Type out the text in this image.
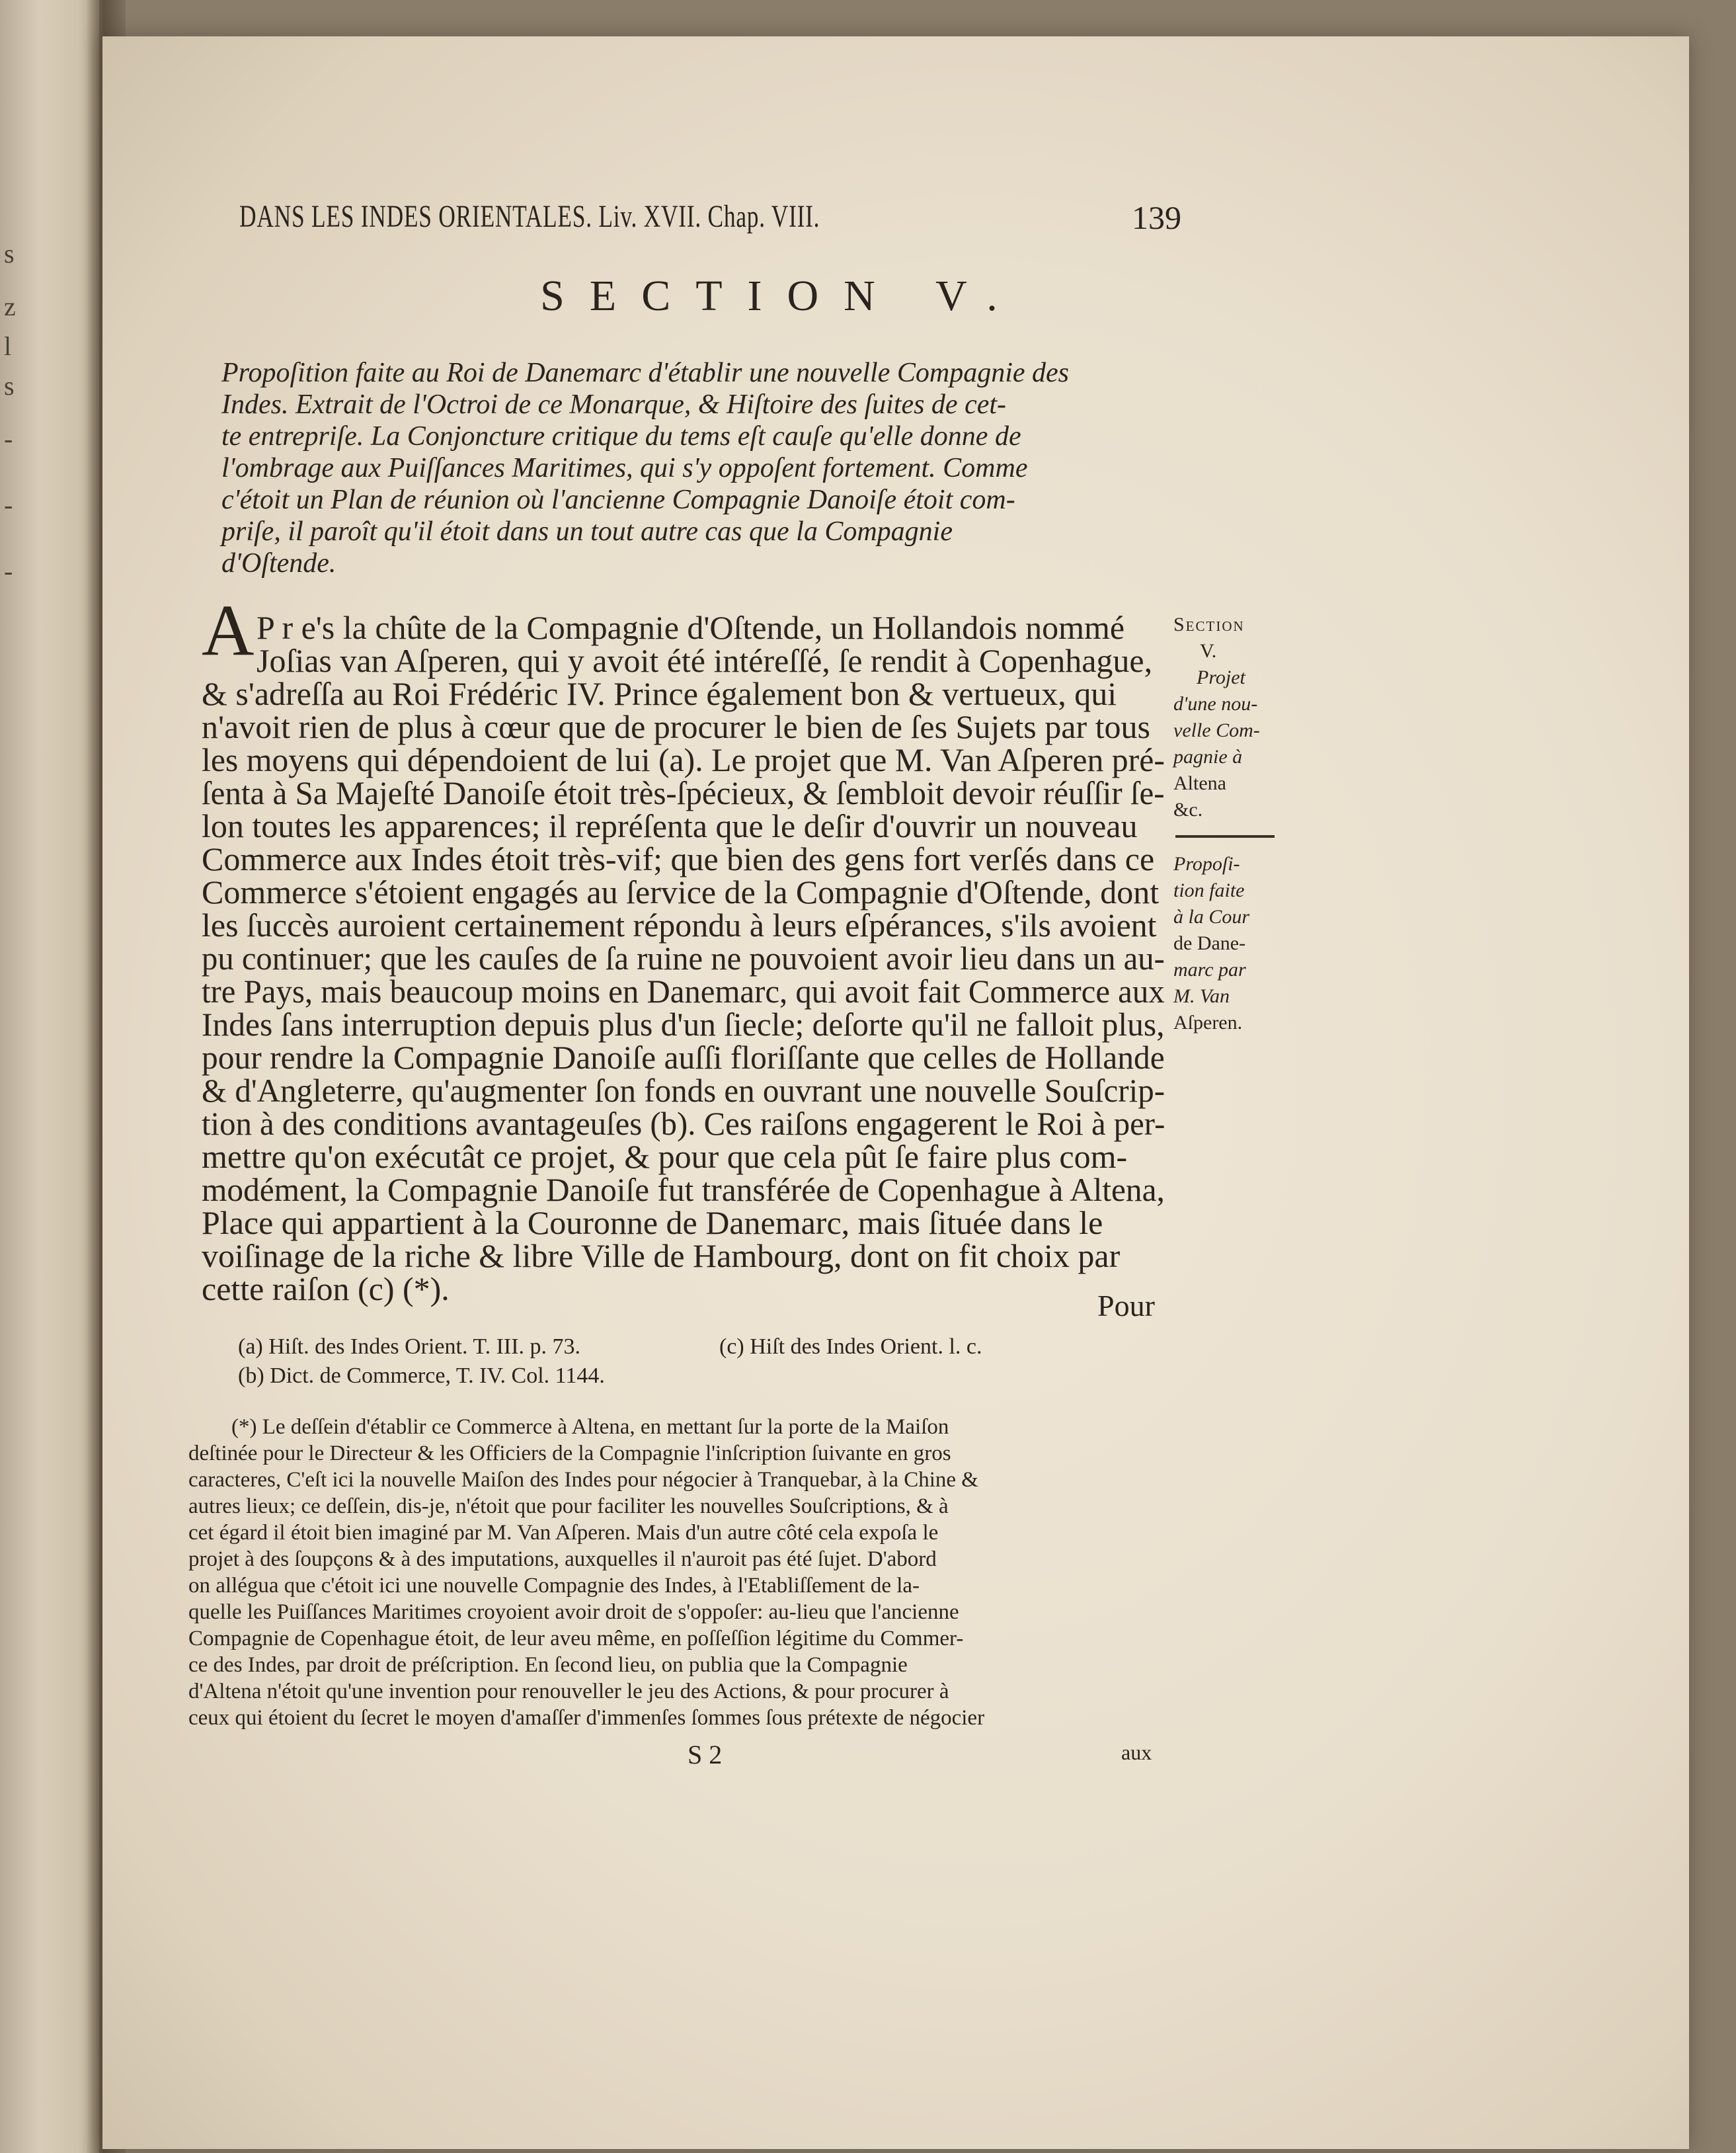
s
z
l
s
-
-
-
DANS LES INDES ORIENTALES. Liv. XVII. Chap. VIII.	139
SECTION V.
Propoſition faite au Roi de Danemarc d'établir une nouvelle Compagnie des
Indes. Extrait de l'Octroi de ce Monarque, & Hiſtoire des ſuites de cet-
te entrepriſe. La Conjoncture critique du tems eſt cauſe qu'elle donne de
l'ombrage aux Puiſſances Maritimes, qui s'y oppoſent fortement. Comme
c'étoit un Plan de réunion où l'ancienne Compagnie Danoiſe étoit com-
priſe, il paroît qu'il étoit dans un tout autre cas que la Compagnie
d'Oſtende.
A P r e's la chûte de la Compagnie d'Oſtende, un Hollandois nommé
Joſias van Aſperen, qui y avoit été intéreſſé, ſe rendit à Copenhague,
& s'adreſſa au Roi Frédéric IV. Prince également bon & vertueux, qui
n'avoit rien de plus à cœur que de procurer le bien de ſes Sujets par tous
les moyens qui dépendoient de lui (a). Le projet que M. Van Aſperen pré-
ſenta à Sa Majeſté Danoiſe étoit très-ſpécieux, & ſembloit devoir réuſſir ſe-
lon toutes les apparences; il repréſenta que le deſir d'ouvrir un nouveau
Commerce aux Indes étoit très-vif; que bien des gens fort verſés dans ce
Commerce s'étoient engagés au ſervice de la Compagnie d'Oſtende, dont
les ſuccès auroient certainement répondu à leurs eſpérances, s'ils avoient
pu continuer; que les cauſes de ſa ruine ne pouvoient avoir lieu dans un au-
tre Pays, mais beaucoup moins en Danemarc, qui avoit fait Commerce aux
Indes ſans interruption depuis plus d'un ſiecle; deſorte qu'il ne falloit plus,
pour rendre la Compagnie Danoiſe auſſi floriſſante que celles de Hollande
& d'Angleterre, qu'augmenter ſon fonds en ouvrant une nouvelle Souſcrip-
tion à des conditions avantageuſes (b). Ces raiſons engagerent le Roi à per-
mettre qu'on exécutât ce projet, & pour que cela pût ſe faire plus com-
modément, la Compagnie Danoiſe fut transférée de Copenhague à Altena,
Place qui appartient à la Couronne de Danemarc, mais ſituée dans le
voiſinage de la riche & libre Ville de Hambourg, dont on fit choix par
cette raiſon (c) (*).
Section
V.
Projet
d'une nou-
velle Com-
pagnie à
Altena
&c.
Propoſi-
tion faite
à la Cour
de Dane-
marc par
M. Van
Aſperen.
Pour
(a) Hiſt. des Indes Orient. T. III. p. 73.
(b) Dict. de Commerce, T. IV. Col. 1144.
(c) Hiſt des Indes Orient. l. c.
(*) Le deſſein d'établir ce Commerce à Altena, en mettant ſur la porte de la Maiſon
deſtinée pour le Directeur & les Officiers de la Compagnie l'inſcription ſuivante en gros
caracteres, C'eſt ici la nouvelle Maiſon des Indes pour négocier à Tranquebar, à la Chine &
autres lieux; ce deſſein, dis-je, n'étoit que pour faciliter les nouvelles Souſcriptions, & à
cet égard il étoit bien imaginé par M. Van Aſperen. Mais d'un autre côté cela expoſa le
projet à des ſoupçons & à des imputations, auxquelles il n'auroit pas été ſujet. D'abord
on allégua que c'étoit ici une nouvelle Compagnie des Indes, à l'Etabliſſement de la-
quelle les Puiſſances Maritimes croyoient avoir droit de s'oppoſer: au-lieu que l'ancienne
Compagnie de Copenhague étoit, de leur aveu même, en poſſeſſion légitime du Commer-
ce des Indes, par droit de préſcription. En ſecond lieu, on publia que la Compagnie
d'Altena n'étoit qu'une invention pour renouveller le jeu des Actions, & pour procurer à
ceux qui étoient du ſecret le moyen d'amaſſer d'immenſes ſommes ſous prétexte de négocier
S 2	aux
